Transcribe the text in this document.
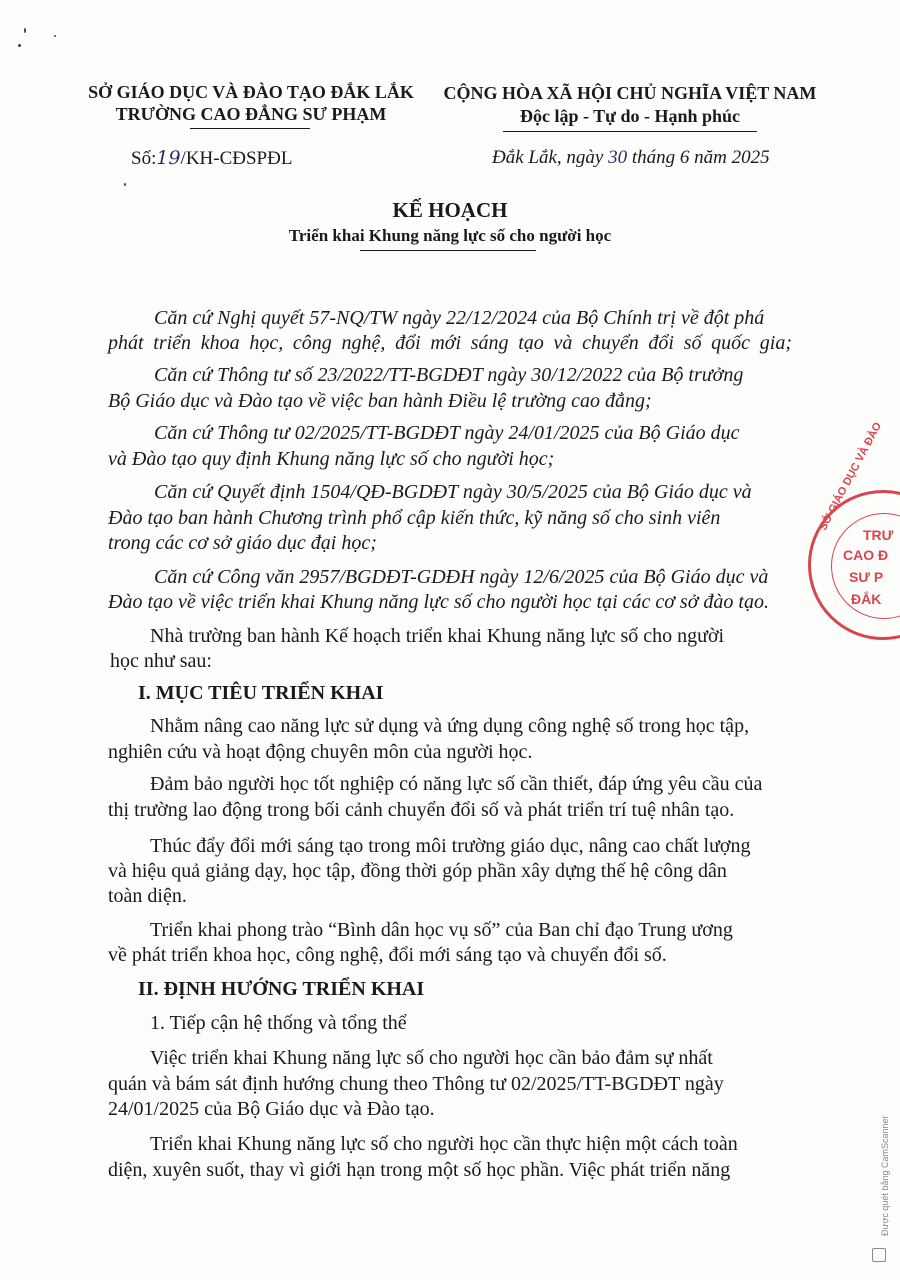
SỞ GIÁO DỤC VÀ ĐÀO TẠO ĐẮK LẮK
TRƯỜNG CAO ĐẲNG SƯ PHẠM
CỘNG HÒA XÃ HỘI CHỦ NGHĨA VIỆT NAM
Độc lập - Tự do - Hạnh phúc
Số:19/KH-CĐSPĐL	Đắk Lắk, ngày 30 tháng 6 năm 2025
KẾ HOẠCH
Triển khai Khung năng lực số cho người học
Căn cứ Nghị quyết 57-NQ/TW ngày 22/12/2024 của Bộ Chính trị về đột phá
phát triển khoa học, công nghệ, đổi mới sáng tạo và chuyển đổi số quốc gia;
Căn cứ Thông tư số 23/2022/TT-BGDĐT ngày 30/12/2022 của Bộ trưởng
Bộ Giáo dục và Đào tạo về việc ban hành Điều lệ trường cao đẳng;
Căn cứ Thông tư 02/2025/TT-BGDĐT ngày 24/01/2025 của Bộ Giáo dục
và Đào tạo quy định Khung năng lực số cho người học;
Căn cứ Quyết định 1504/QĐ-BGDĐT ngày 30/5/2025 của Bộ Giáo dục và
Đào tạo ban hành Chương trình phổ cập kiến thức, kỹ năng số cho sinh viên
trong các cơ sở giáo dục đại học;
Căn cứ Công văn 2957/BGDĐT-GDĐH ngày 12/6/2025 của Bộ Giáo dục và
Đào tạo về việc triển khai Khung năng lực số cho người học tại các cơ sở đào tạo.
Nhà trường ban hành Kế hoạch triển khai Khung năng lực số cho người
học như sau:
I. MỤC TIÊU TRIỂN KHAI
Nhằm nâng cao năng lực sử dụng và ứng dụng công nghệ số trong học tập,
nghiên cứu và hoạt động chuyên môn của người học.
Đảm bảo người học tốt nghiệp có năng lực số cần thiết, đáp ứng yêu cầu của
thị trường lao động trong bối cảnh chuyển đổi số và phát triển trí tuệ nhân tạo.
Thúc đẩy đổi mới sáng tạo trong môi trường giáo dục, nâng cao chất lượng
và hiệu quả giảng dạy, học tập, đồng thời góp phần xây dựng thế hệ công dân
toàn diện.
Triển khai phong trào “Bình dân học vụ số” của Ban chỉ đạo Trung ương
về phát triển khoa học, công nghệ, đổi mới sáng tạo và chuyển đổi số.
II. ĐỊNH HƯỚNG TRIỂN KHAI
1. Tiếp cận hệ thống và tổng thể
Việc triển khai Khung năng lực số cho người học cần bảo đảm sự nhất
quán và bám sát định hướng chung theo Thông tư 02/2025/TT-BGDĐT ngày
24/01/2025 của Bộ Giáo dục và Đào tạo.
Triển khai Khung năng lực số cho người học cần thực hiện một cách toàn
diện, xuyên suốt, thay vì giới hạn trong một số học phần. Việc phát triển năng
SỞ GIÁO DỤC VÀ ĐÀO
TRƯ
CAO Đ
SƯ P
ĐẮK
Được quét bằng CamScanner
